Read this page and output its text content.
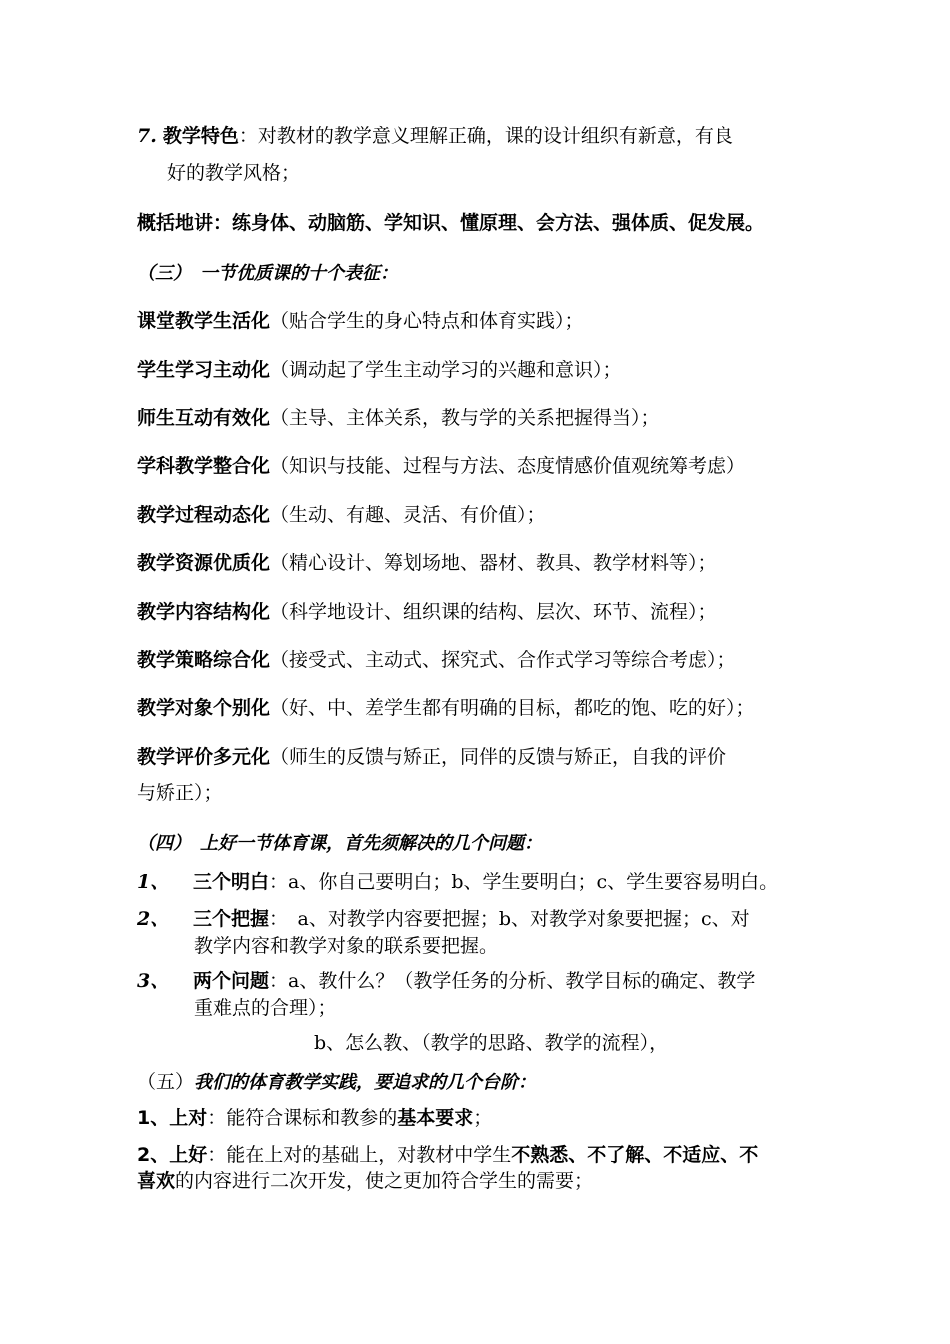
7. 教学特色：对教材的教学意义理解正确，课的设计组织有新意，有良
好的教学风格；
概括地讲：练身体、动脑筋、学知识、懂原理、会方法、强体质、促发展。
（三）　一节优质课的十个表征：
课堂教学生活化（贴合学生的身心特点和体育实践）；
学生学习主动化（调动起了学生主动学习的兴趣和意识）；
师生互动有效化（主导、主体关系，教与学的关系把握得当）；
学科教学整合化（知识与技能、过程与方法、态度情感价值观统筹考虑）
教学过程动态化（生动、有趣、灵活、有价值）；
教学资源优质化（精心设计、筹划场地、器材、教具、教学材料等）；
教学内容结构化（科学地设计、组织课的结构、层次、环节、流程）；
教学策略综合化（接受式、主动式、探究式、合作式学习等综合考虑）；
教学对象个别化（好、中、差学生都有明确的目标，都吃的饱、吃的好）；
教学评价多元化（师生的反馈与矫正，同伴的反馈与矫正，自我的评价
与矫正）；
（四）　上好一节体育课，首先须解决的几个问题：
1、 三个明白：a、你自己要明白；b、学生要明白；c、学生要容易明白。
2、 三个把握：　a、对教学内容要把握；b、对教学对象要把握；c、对
教学内容和教学对象的联系要把握。
3、 两个问题：a、教什么？（教学任务的分析、教学目标的确定、教学
重难点的合理）；
b、怎么教、（教学的思路、教学的流程），
（五）我们的体育教学实践，要追求的几个台阶：
1、上对：能符合课标和教参的基本要求；
2、上好：能在上对的基础上，对教材中学生不熟悉、不了解、不适应、不
喜欢的内容进行二次开发，使之更加符合学生的需要；
